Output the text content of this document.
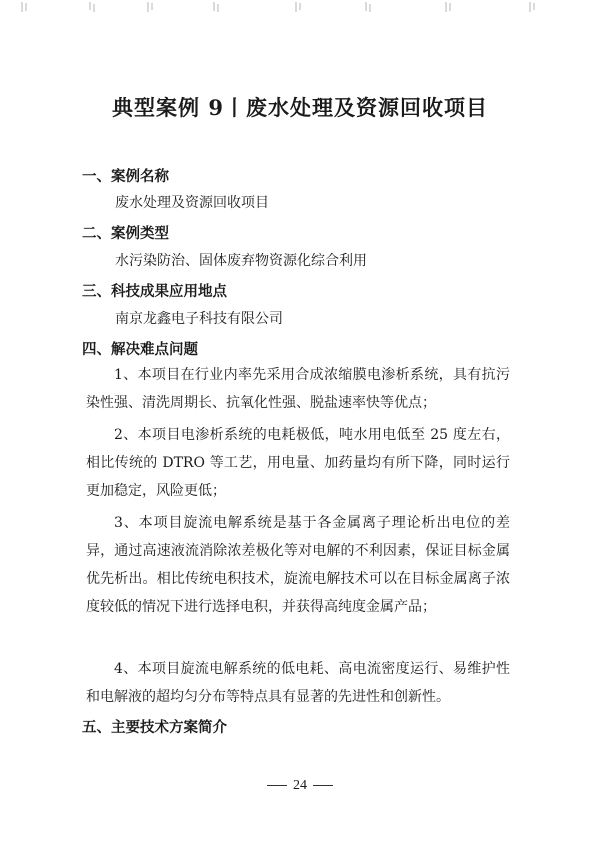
典型案例 9丨废水处理及资源回收项目
一、案例名称
废水处理及资源回收项目
二、案例类型
水污染防治、固体废弃物资源化综合利用
三、科技成果应用地点
南京龙鑫电子科技有限公司
四、解决难点问题
1、本项目在行业内率先采用合成浓缩膜电渗析系统，具有抗污染性强、清洗周期长、抗氧化性强、脱盐速率快等优点；
2、本项目电渗析系统的电耗极低，吨水用电低至 25 度左右，相比传统的 DTRO 等工艺，用电量、加药量均有所下降，同时运行更加稳定，风险更低；
3、本项目旋流电解系统是基于各金属离子理论析出电位的差异，通过高速液流消除浓差极化等对电解的不利因素，保证目标金属优先析出。相比传统电积技术，旋流电解技术可以在目标金属离子浓度较低的情况下进行选择电积，并获得高纯度金属产品；
4、本项目旋流电解系统的低电耗、高电流密度运行、易维护性和电解液的超均匀分布等特点具有显著的先进性和创新性。
五、主要技术方案简介
24
